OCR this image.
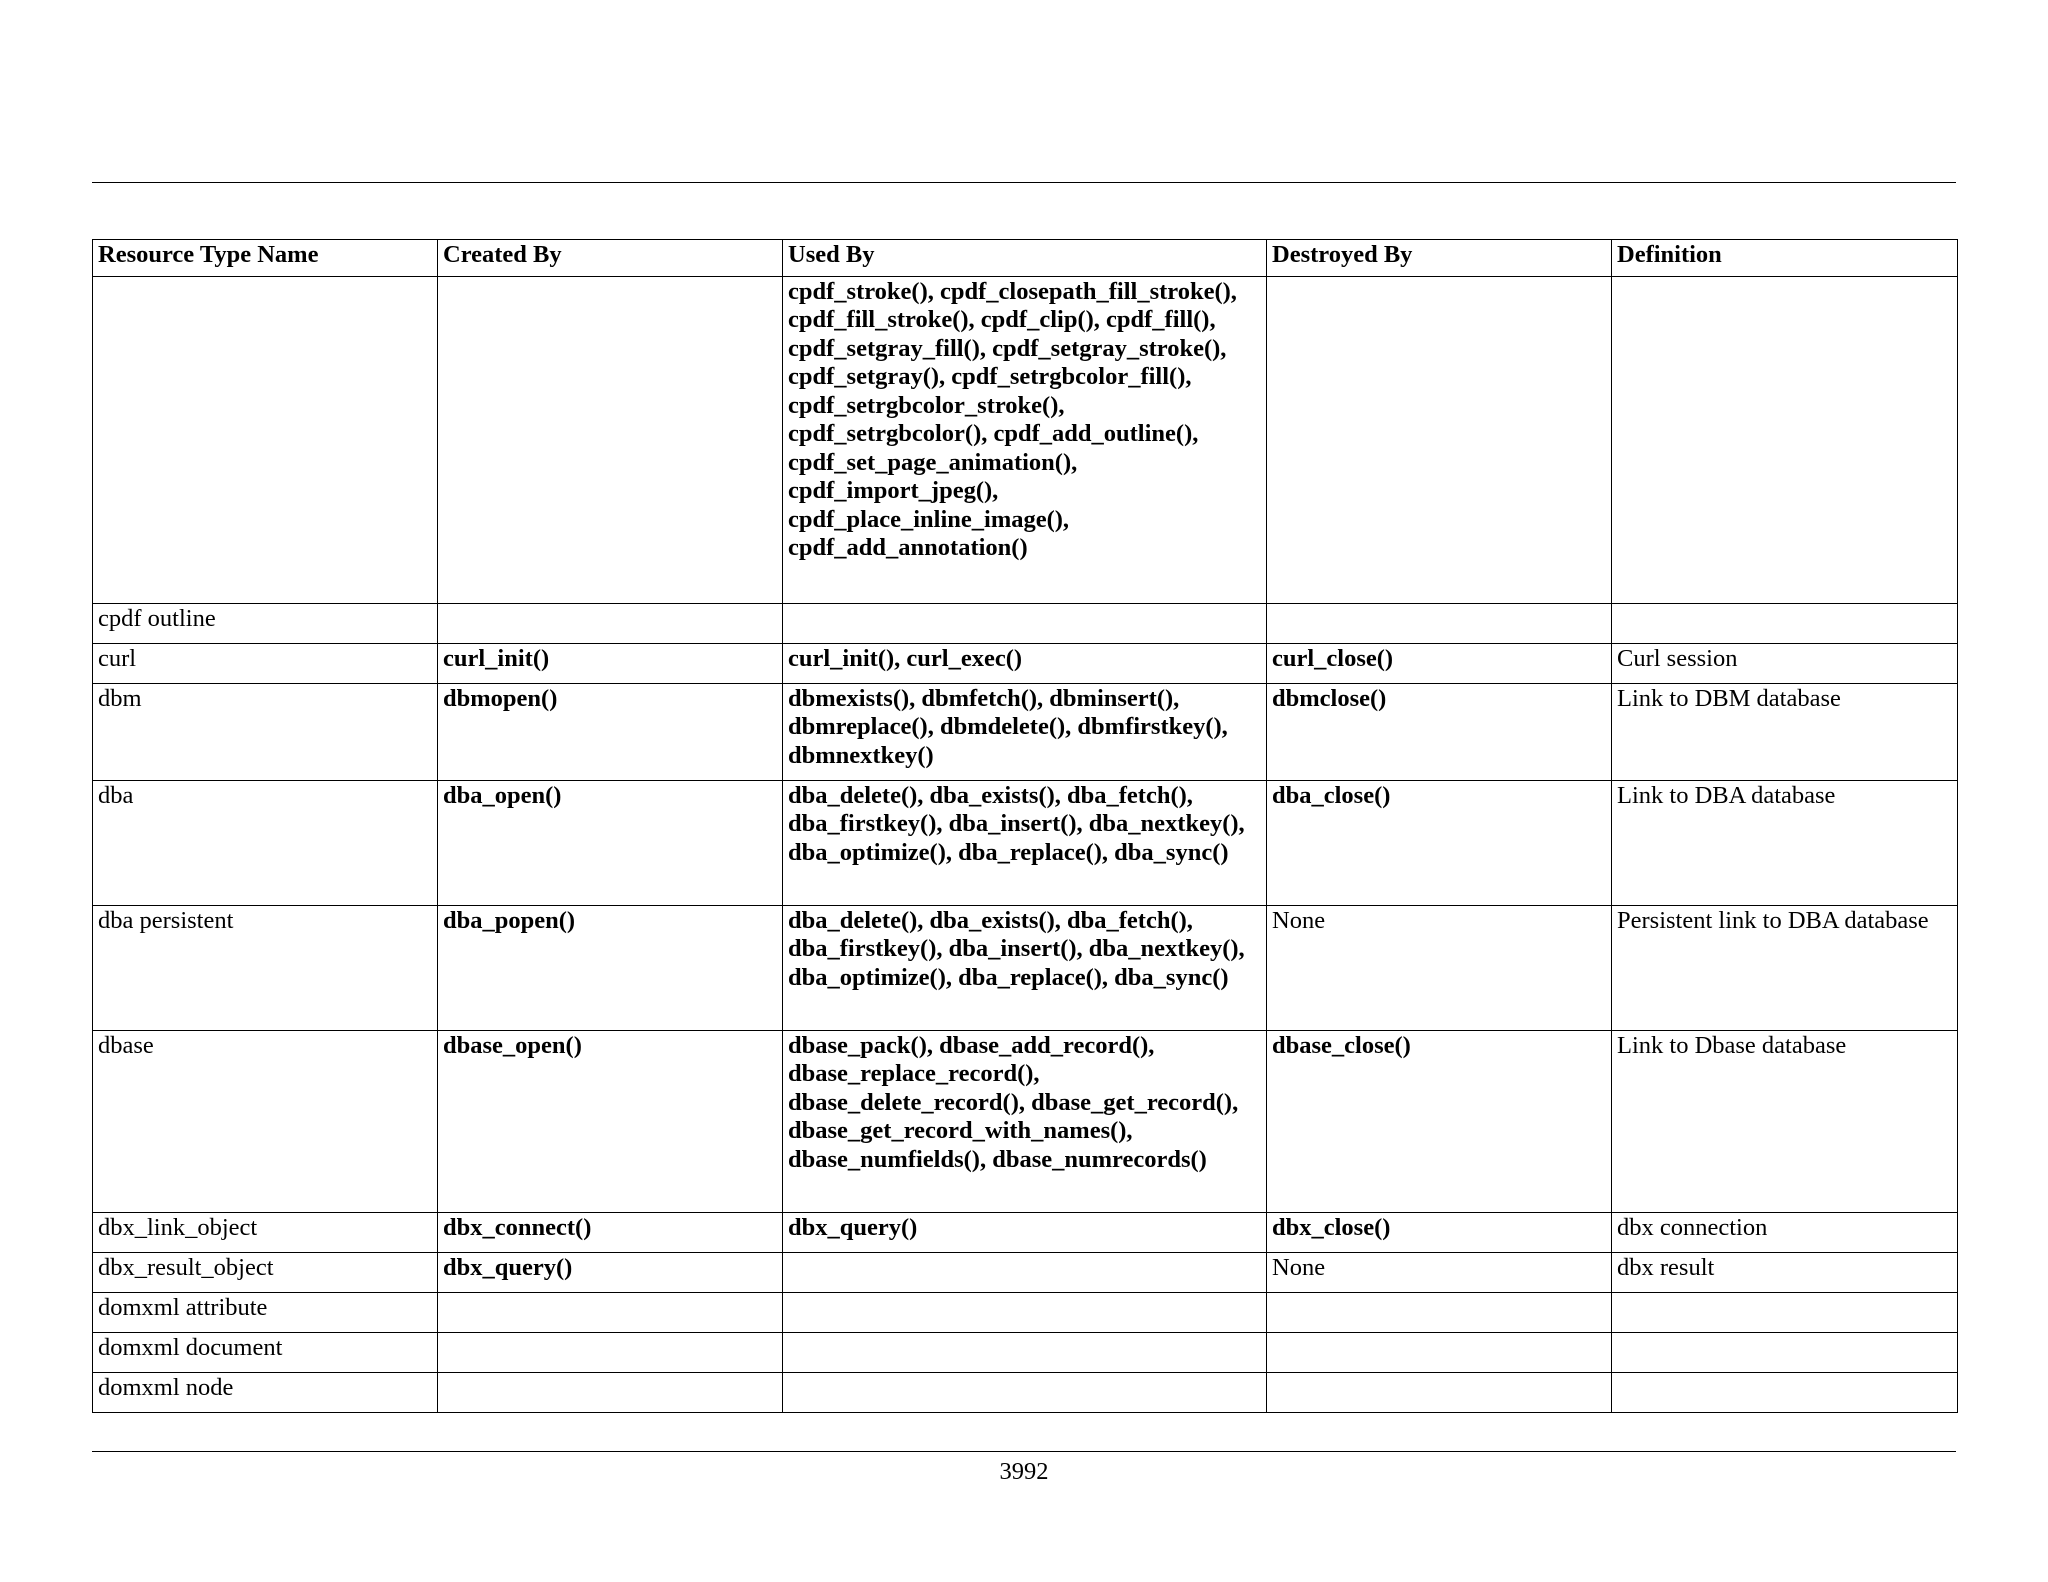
Resource Type Name	Created By	Used By	Destroyed By	Definition
		cpdf_stroke(), cpdf_closepath_fill_stroke(), cpdf_fill_stroke(), cpdf_clip(), cpdf_fill(), cpdf_setgray_fill(), cpdf_setgray_stroke(), cpdf_setgray(), cpdf_setrgbcolor_fill(), cpdf_setrgbcolor_stroke(), cpdf_setrgbcolor(), cpdf_add_outline(), cpdf_set_page_animation(), cpdf_import_jpeg(), cpdf_place_inline_image(), cpdf_add_annotation()		
cpdf outline				
curl	curl_init()	curl_init(), curl_exec()	curl_close()	Curl session
dbm	dbmopen()	dbmexists(), dbmfetch(), dbminsert(), dbmreplace(), dbmdelete(), dbmfirstkey(), dbmnextkey()	dbmclose()	Link to DBM database
dba	dba_open()	dba_delete(), dba_exists(), dba_fetch(), dba_firstkey(), dba_insert(), dba_nextkey(), dba_optimize(), dba_replace(), dba_sync()	dba_close()	Link to DBA database
dba persistent	dba_popen()	dba_delete(), dba_exists(), dba_fetch(), dba_firstkey(), dba_insert(), dba_nextkey(), dba_optimize(), dba_replace(), dba_sync()	None	Persistent link to DBA database
dbase	dbase_open()	dbase_pack(), dbase_add_record(), dbase_replace_record(), dbase_delete_record(), dbase_get_record(), dbase_get_record_with_names(), dbase_numfields(), dbase_numrecords()	dbase_close()	Link to Dbase database
dbx_link_object	dbx_connect()	dbx_query()	dbx_close()	dbx connection
dbx_result_object	dbx_query()		None	dbx result
domxml attribute				
domxml document				
domxml node				
3992
